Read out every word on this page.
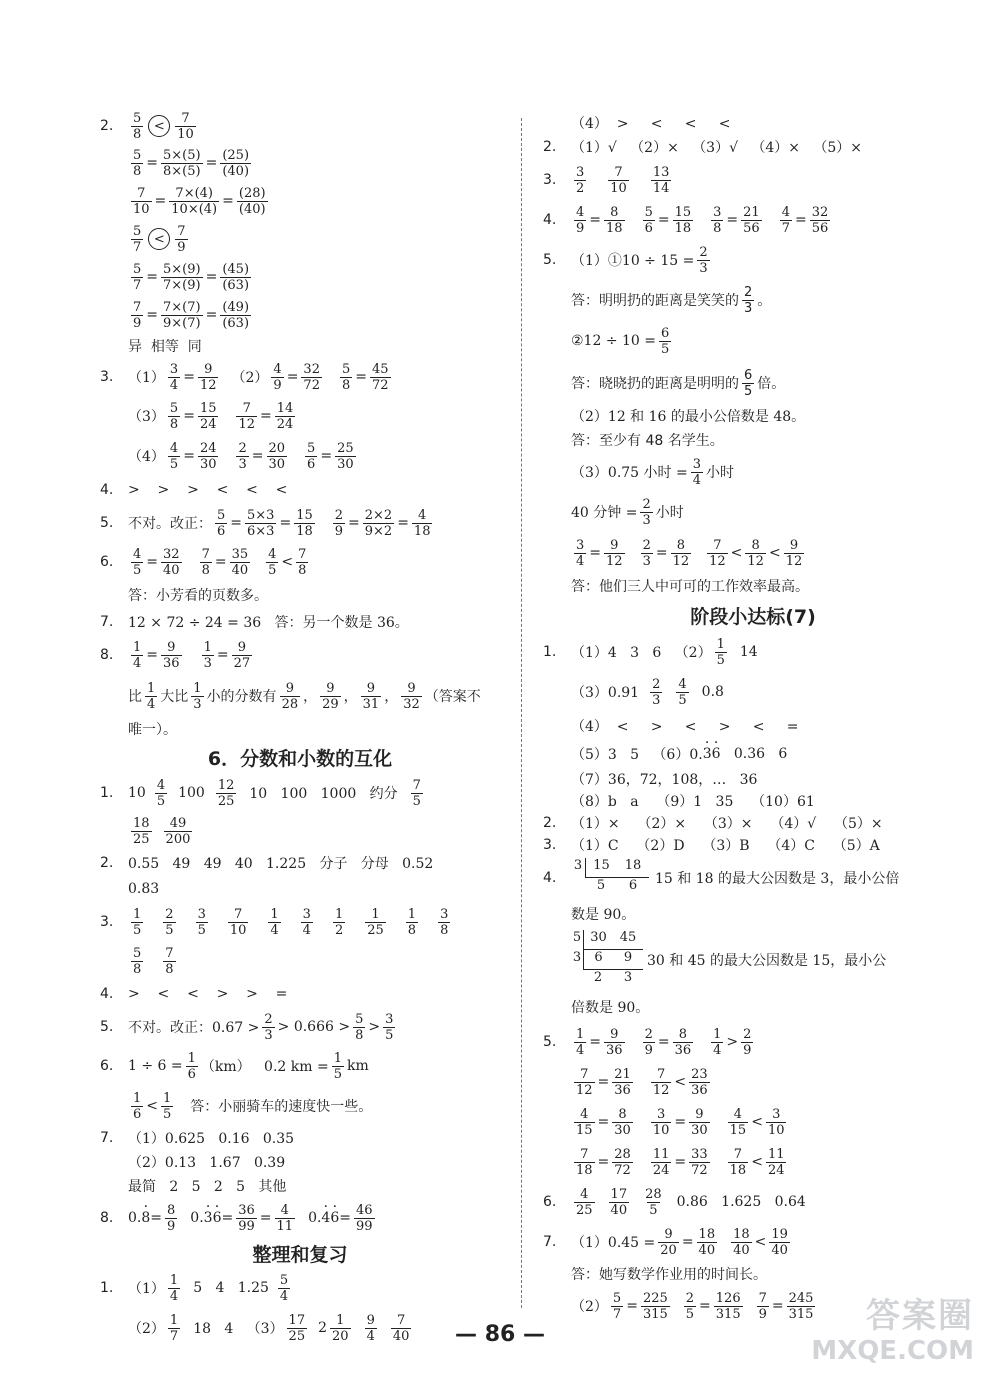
2.	$\frac{5}{8} < \frac{7}{10}$
$\frac{5}{8} = \frac{5\times(5)}{8\times(5)} = \frac{(25)}{(40)}$
$\frac{7}{10} = \frac{7\times(4)}{10\times(4)} = \frac{(28)}{(40)}$
$\frac{5}{7} < \frac{7}{9}$
$\frac{5}{7} = \frac{5\times(9)}{7\times(9)} = \frac{(45)}{(63)}$
$\frac{7}{9} = \frac{7\times(7)}{9\times(7)} = \frac{(49)}{(63)}$
异  相等  同
3.	$(1) \frac{3}{4} = \frac{9}{12} (2) \frac{4}{9} = \frac{32}{72} \frac{5}{8} = \frac{45}{72}$
$(3) \frac{5}{8} = \frac{15}{24} \frac{7}{12} = \frac{14}{24}$
$(4) \frac{4}{5} = \frac{24}{30} \frac{2}{3} = \frac{20}{30} \frac{5}{6} = \frac{25}{30}$
4.	>    >    >    <    <    <
5.	不对。改正： $\frac{5}{6} = \frac{5\times 3}{6\times 3} = \frac{15}{18} \frac{2}{9} = \frac{2\times 2}{9\times 2} = \frac{4}{18}$
6.	$\frac{4}{5} = \frac{32}{40} \frac{7}{8} = \frac{35}{40} \frac{4}{5} < \frac{7}{8}$
答：小芳看的页数多。
7.	12 × 72 ÷ 24 = 36   答：另一个数是 36。
8.	$\frac{1}{4} = \frac{9}{36} \frac{1}{3} = \frac{9}{27}$
比 $\frac{1}{4}$ 大比 $\frac{1}{3}$ 小的分数有 $\frac{9}{28}$ ， $\frac{9}{29}$ ， $\frac{9}{31}$ ， $\frac{9}{32}$ （答案不
唯一）。
6．分数和小数的互化
1.	$10 \frac{4}{5} 100 \frac{12}{25} 10$   100   1000   约分 $\frac{7}{5}$
$\frac{18}{25} \frac{49}{200}$
2.	0.55   49   49   40   1.225   分子   分母   0.52
0.83
3.	$\frac{1}{5} \frac{2}{5} \frac{3}{5} \frac{7}{10} \frac{1}{4} \frac{3}{4} \frac{1}{2} \frac{1}{25} \frac{1}{8} \frac{3}{8}$
$\frac{5}{8} \frac{7}{8}$
4.	>    <    <    >    >    =
5.	不对。改正：$0.67 > \frac{2}{3} > 0.666 > \frac{5}{8} > \frac{3}{5}$
6.	$1 \div 6 = \frac{1}{6} (km)$   0.2 km = $\frac{1}{5}$ km
$\frac{1}{6} < \frac{1}{5}$ 答：小丽骑车的速度快一些。
7.	（1）0.625   0.16   0.35
（2）0.13   1.67   0.39
最简   2   5   2   5   其他
8.	0. · $8 = \frac{8}{9} 0$. · $3 \cdot 6 = \frac{36}{99} = \frac{4}{11} 0$. · $4 \cdot 6 = \frac{46}{99}$
整理和复习
1.	$(1) \frac{1}{4} 5$   4   $1.25 \frac{5}{4}$
$(2) \frac{1}{7} 18$   4   $(3) \frac{17}{25} 2 \frac{1}{20} \frac{9}{4} \frac{7}{40}$
（4）  >     <     <     <
2.	（1）√   （2）×   （3）√   （4）×   （5）×
3.	$\frac{3}{2} \frac{7}{10} \frac{13}{14}$
4.	$\frac{4}{9} = \frac{8}{18} \frac{5}{6} = \frac{15}{18} \frac{3}{8} = \frac{21}{56} \frac{4}{7} = \frac{32}{56}$
5.	（1）①10 ÷ $15 = \frac{2}{3}$
答：明明扔的距离是笑笑的 $\frac{2}{3}$ 。
②12 ÷ $10 = \frac{6}{5}$
答：晓晓扔的距离是明明的 $\frac{6}{5}$ 倍。
（2）12 和 16 的最小公倍数是 48。
答：至少有 48 名学生。
（3）0.75 小时 = $\frac{3}{4}$ 小时
40 分钟 = $\frac{2}{3}$ 小时
$\frac{3}{4} = \frac{9}{12} \frac{2}{3} = \frac{8}{12} \frac{7}{12} < \frac{8}{12} < \frac{9}{12}$
答：他们三人中可可的工作效率最高。
阶段小达标(7)
1.	（1）4   3   6   $(2) \frac{1}{5} 14$
$(3)0.91 \frac{2}{3} \frac{4}{5} 0.8$
（4）  <     >     <     >     <     =
（5）3   5   （6）0. · 3 · 6 0.36   6
（7）36，72，108，…   36
（8）b   a    （9）1   35    （10）61
2.	（1）×    （2）×    （3）×    （4）√    （5）×
3.	（1）C    （2）D    （3）B    （4）C    （5）A
4.
3 15	18
5	6	15 和 18 的最大公因数是 3，最小公倍
数是 90。
5 30 45
3	6	9
2	3
30 和 45 的最大公因数是 15，最小公
倍数是 90。
5.	$\frac{1}{4} = \frac{9}{36} \frac{2}{9} = \frac{8}{36} \frac{1}{4} > \frac{2}{9}$
$\frac{7}{12} = \frac{21}{36} \frac{7}{12} < \frac{23}{36}$
$\frac{4}{15} = \frac{8}{30} \frac{3}{10} = \frac{9}{30} \frac{4}{15} < \frac{3}{10}$
$\frac{7}{18} = \frac{28}{72} \frac{11}{24} = \frac{33}{72} \frac{7}{18} < \frac{11}{24}$
6.	$\frac{4}{25} \frac{17}{40} \frac{28}{5} 0.86$   1.625   0.64
7.	$(1)0.45 = \frac{9}{20} = \frac{18}{40} \frac{18}{40} < \frac{19}{40}$
答：她写数学作业用的时间长。
$(2) \frac{5}{7} = \frac{225}{315} \frac{2}{5} = \frac{126}{315} \frac{7}{9} = \frac{245}{315}$
— 86 —	答案圈
MXQE.COM
